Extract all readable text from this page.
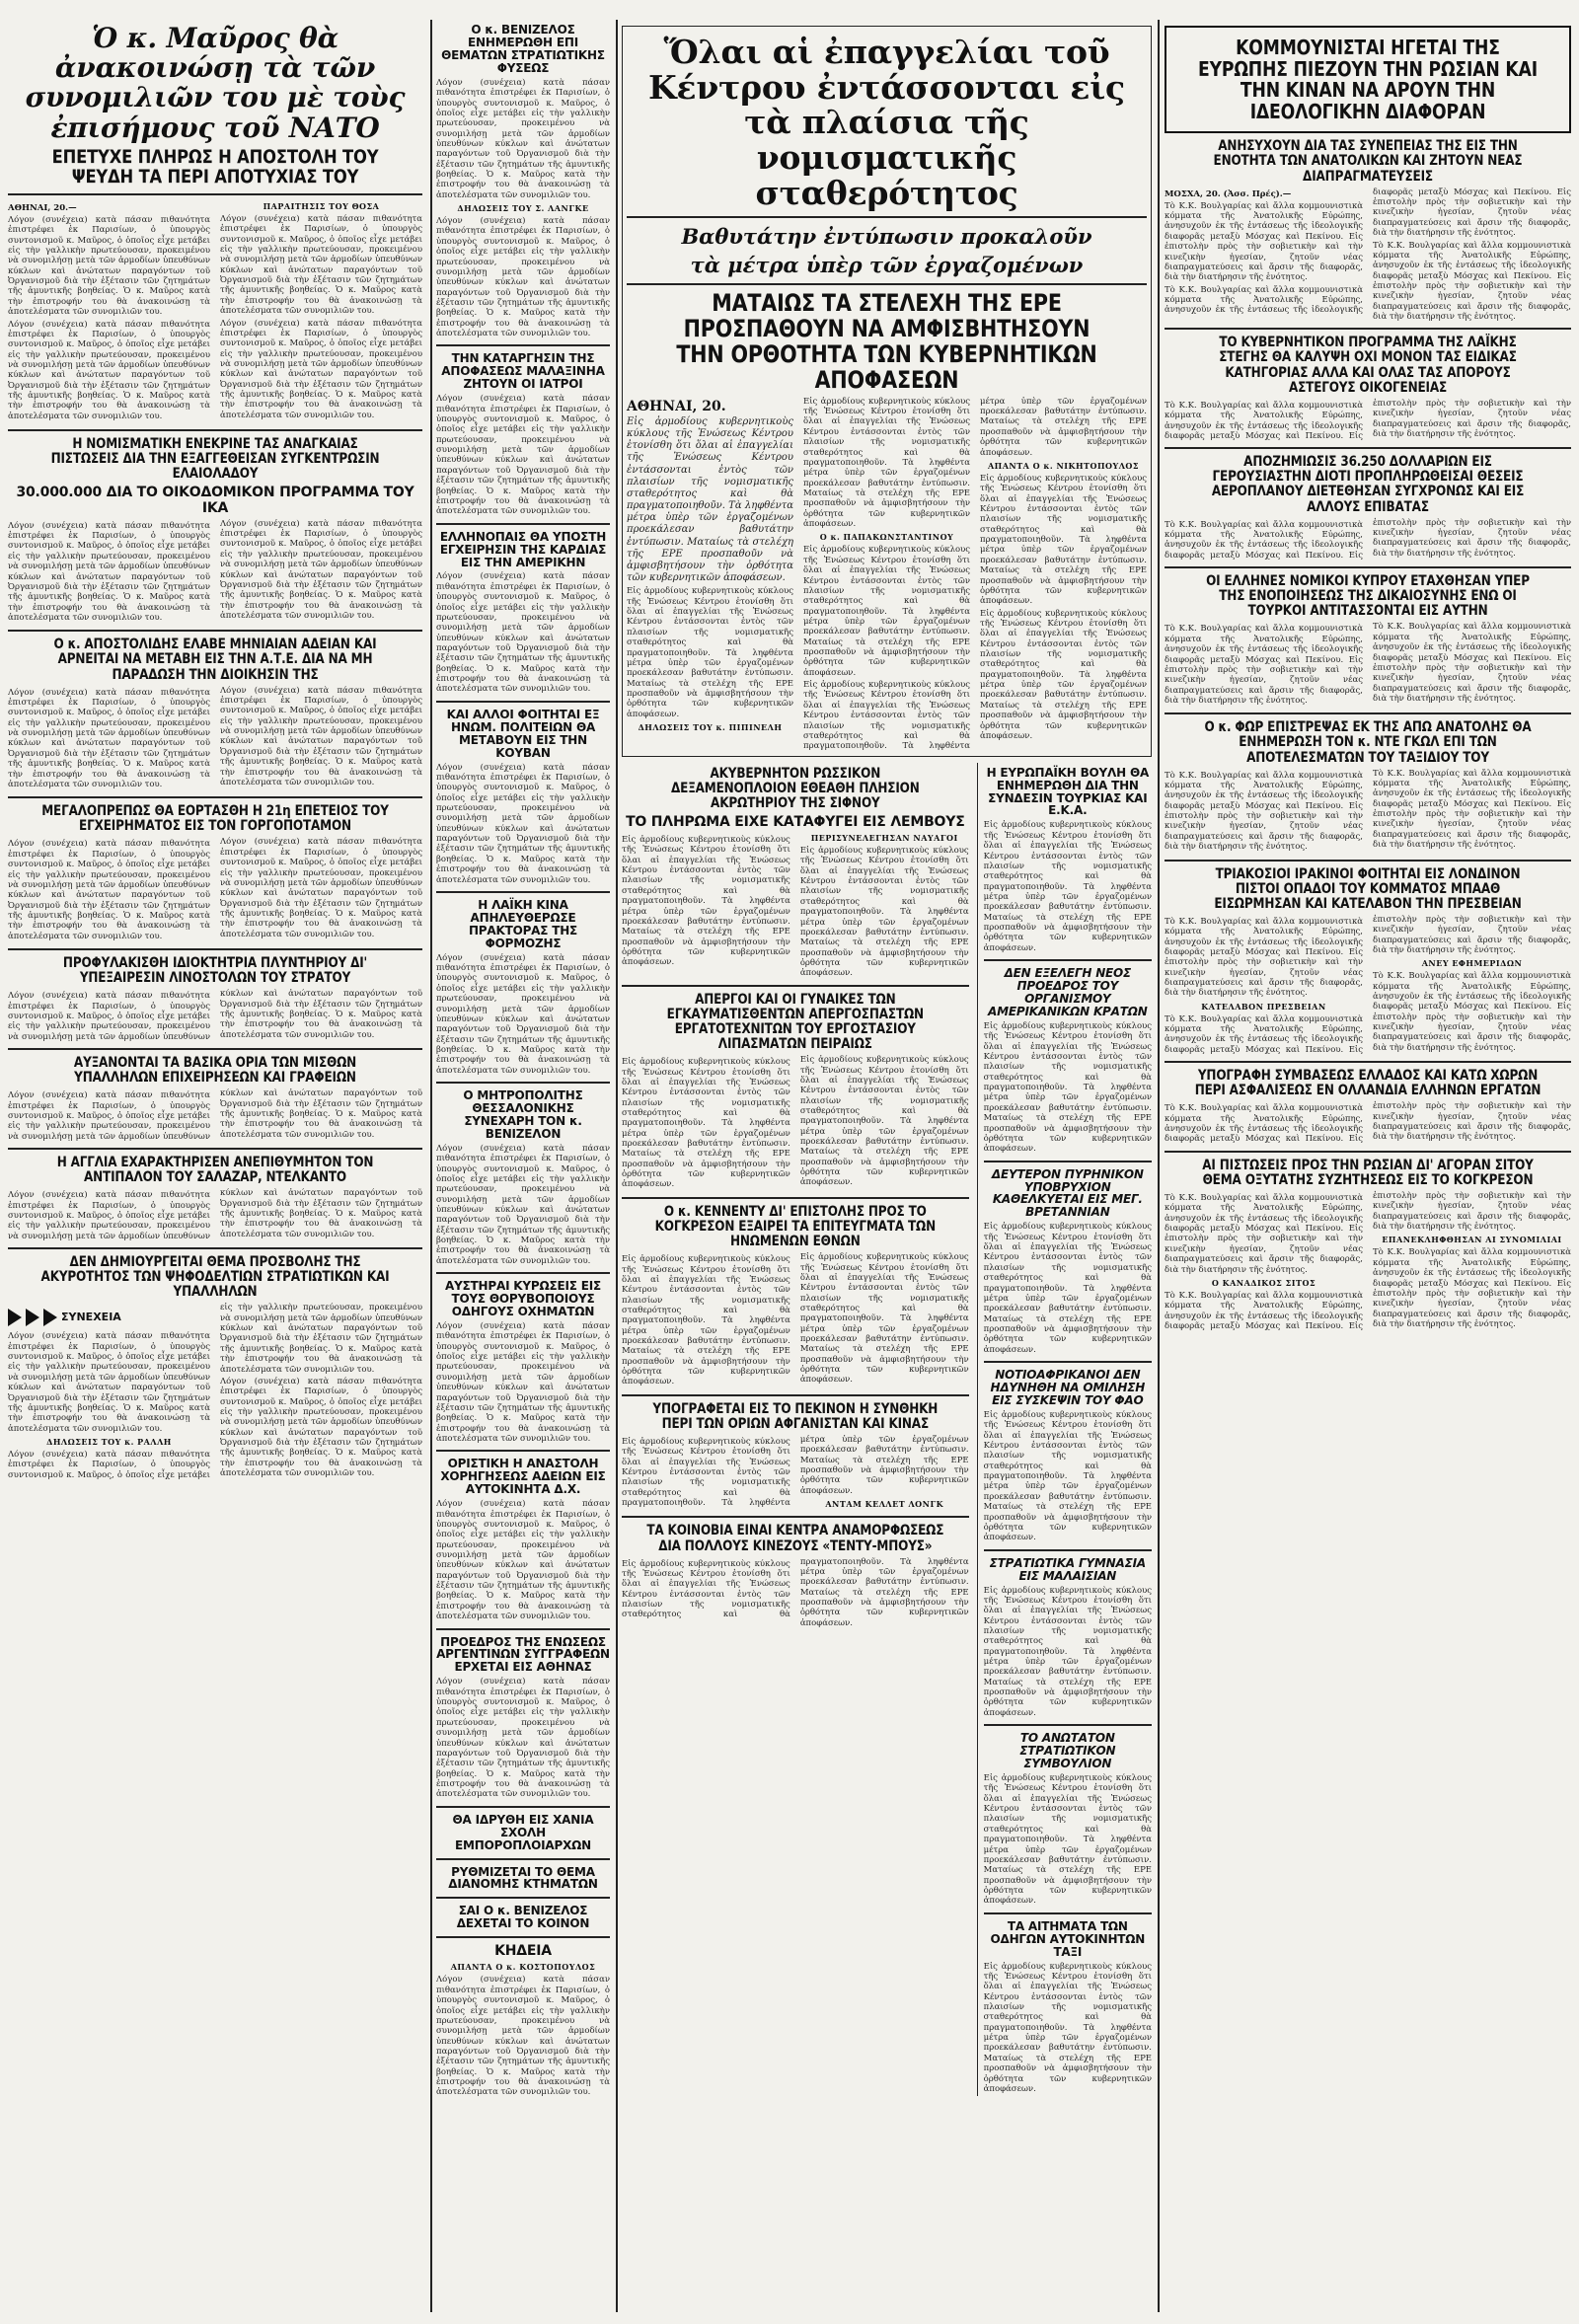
Ὁ κ. Μαῦρος θὰ ἀνακοινώσῃ τὰ τῶν συνομιλιῶν του μὲ τοὺς ἐπισήμους τοῦ ΝΑΤΟ
ΕΠΕΤΥΧΕ ΠΛΗΡΩΣ Η ΑΠΟΣΤΟΛΗ ΤΟΥ ΨΕΥΔΗ ΤΑ ΠΕΡΙ ΑΠΟΤΥΧΙΑΣ ΤΟΥ
ΑΘΗΝΑΙ, 20.—
Λόγον (συνέχεια) κατὰ πάσαν πιθανότητα ἐπιστρέφει ἐκ Παρισίων, ὁ ὑπουργὸς συντονισμοῦ κ. Μαῦρος, ὁ ὁποῖος εἶχε μετάβει εἰς τὴν γαλλικὴν πρωτεύουσαν, προκειμένου νὰ συνομιλήσῃ μετὰ τῶν ἁρμοδίων ὑπευθύνων κύκλων καὶ ἀνώτατων παραγόντων τοῦ Ὀργανισμοῦ διὰ τὴν ἐξέτασιν τῶν ζητημάτων τῆς ἀμυντικῆς βοηθείας. Ὁ κ. Μαῦρος κατὰ τὴν ἐπιστροφήν του θὰ ἀνακοινώσῃ τὰ ἀποτελέσματα τῶν συνομιλιῶν του.
Λόγον (συνέχεια) κατὰ πάσαν πιθανότητα ἐπιστρέφει ἐκ Παρισίων, ὁ ὑπουργὸς συντονισμοῦ κ. Μαῦρος, ὁ ὁποῖος εἶχε μετάβει εἰς τὴν γαλλικὴν πρωτεύουσαν, προκειμένου νὰ συνομιλήσῃ μετὰ τῶν ἁρμοδίων ὑπευθύνων κύκλων καὶ ἀνώτατων παραγόντων τοῦ Ὀργανισμοῦ διὰ τὴν ἐξέτασιν τῶν ζητημάτων τῆς ἀμυντικῆς βοηθείας. Ὁ κ. Μαῦρος κατὰ τὴν ἐπιστροφήν του θὰ ἀνακοινώσῃ τὰ ἀποτελέσματα τῶν συνομιλιῶν του.
ΠΑΡΑΙΤΗΣΙΣ ΤΟΥ ΘΟΣΑ
Λόγον (συνέχεια) κατὰ πάσαν πιθανότητα ἐπιστρέφει ἐκ Παρισίων, ὁ ὑπουργὸς συντονισμοῦ κ. Μαῦρος, ὁ ὁποῖος εἶχε μετάβει εἰς τὴν γαλλικὴν πρωτεύουσαν, προκειμένου νὰ συνομιλήσῃ μετὰ τῶν ἁρμοδίων ὑπευθύνων κύκλων καὶ ἀνώτατων παραγόντων τοῦ Ὀργανισμοῦ διὰ τὴν ἐξέτασιν τῶν ζητημάτων τῆς ἀμυντικῆς βοηθείας. Ὁ κ. Μαῦρος κατὰ τὴν ἐπιστροφήν του θὰ ἀνακοινώσῃ τὰ ἀποτελέσματα τῶν συνομιλιῶν του.
Λόγον (συνέχεια) κατὰ πάσαν πιθανότητα ἐπιστρέφει ἐκ Παρισίων, ὁ ὑπουργὸς συντονισμοῦ κ. Μαῦρος, ὁ ὁποῖος εἶχε μετάβει εἰς τὴν γαλλικὴν πρωτεύουσαν, προκειμένου νὰ συνομιλήσῃ μετὰ τῶν ἁρμοδίων ὑπευθύνων κύκλων καὶ ἀνώτατων παραγόντων τοῦ Ὀργανισμοῦ διὰ τὴν ἐξέτασιν τῶν ζητημάτων τῆς ἀμυντικῆς βοηθείας. Ὁ κ. Μαῦρος κατὰ τὴν ἐπιστροφήν του θὰ ἀνακοινώσῃ τὰ ἀποτελέσματα τῶν συνομιλιῶν του.
Η ΝΟΜΙΣΜΑΤΙΚΗ ΕΝΕΚΡΙΝΕ ΤΑΣ ΑΝΑΓΚΑΙΑΣ ΠΙΣΤΩΣΕΙΣ ΔΙΑ ΤΗΝ ΕΞΑΓΓΕΘΕΙΣΑΝ ΣΥΓΚΕΝΤΡΩΣΙΝ ΕΛΑΙΟΛΑΔΟΥ
30.000.000 ΔΙΑ ΤΟ ΟΙΚΟΔΟΜΙΚΟΝ ΠΡΟΓΡΑΜΜΑ ΤΟΥ ΙΚΑ
Λόγον (συνέχεια) κατὰ πάσαν πιθανότητα ἐπιστρέφει ἐκ Παρισίων, ὁ ὑπουργὸς συντονισμοῦ κ. Μαῦρος, ὁ ὁποῖος εἶχε μετάβει εἰς τὴν γαλλικὴν πρωτεύουσαν, προκειμένου νὰ συνομιλήσῃ μετὰ τῶν ἁρμοδίων ὑπευθύνων κύκλων καὶ ἀνώτατων παραγόντων τοῦ Ὀργανισμοῦ διὰ τὴν ἐξέτασιν τῶν ζητημάτων τῆς ἀμυντικῆς βοηθείας. Ὁ κ. Μαῦρος κατὰ τὴν ἐπιστροφήν του θὰ ἀνακοινώσῃ τὰ ἀποτελέσματα τῶν συνομιλιῶν του.
Λόγον (συνέχεια) κατὰ πάσαν πιθανότητα ἐπιστρέφει ἐκ Παρισίων, ὁ ὑπουργὸς συντονισμοῦ κ. Μαῦρος, ὁ ὁποῖος εἶχε μετάβει εἰς τὴν γαλλικὴν πρωτεύουσαν, προκειμένου νὰ συνομιλήσῃ μετὰ τῶν ἁρμοδίων ὑπευθύνων κύκλων καὶ ἀνώτατων παραγόντων τοῦ Ὀργανισμοῦ διὰ τὴν ἐξέτασιν τῶν ζητημάτων τῆς ἀμυντικῆς βοηθείας. Ὁ κ. Μαῦρος κατὰ τὴν ἐπιστροφήν του θὰ ἀνακοινώσῃ τὰ ἀποτελέσματα τῶν συνομιλιῶν του.
Ο κ. ΑΠΟΣΤΟΛΙΔΗΣ ΕΛΑΒΕ ΜΗΝΙΑΙΑΝ ΑΔΕΙΑΝ ΚΑΙ ΑΡΝΕΙΤΑΙ ΝΑ ΜΕΤΑΒΗ ΕΙΣ ΤΗΝ Α.Τ.Ε. ΔΙΑ ΝΑ ΜΗ ΠΑΡΑΔΩΣΗ ΤΗΝ ΔΙΟΙΚΗΣΙΝ ΤΗΣ
Λόγον (συνέχεια) κατὰ πάσαν πιθανότητα ἐπιστρέφει ἐκ Παρισίων, ὁ ὑπουργὸς συντονισμοῦ κ. Μαῦρος, ὁ ὁποῖος εἶχε μετάβει εἰς τὴν γαλλικὴν πρωτεύουσαν, προκειμένου νὰ συνομιλήσῃ μετὰ τῶν ἁρμοδίων ὑπευθύνων κύκλων καὶ ἀνώτατων παραγόντων τοῦ Ὀργανισμοῦ διὰ τὴν ἐξέτασιν τῶν ζητημάτων τῆς ἀμυντικῆς βοηθείας. Ὁ κ. Μαῦρος κατὰ τὴν ἐπιστροφήν του θὰ ἀνακοινώσῃ τὰ ἀποτελέσματα τῶν συνομιλιῶν του.
Λόγον (συνέχεια) κατὰ πάσαν πιθανότητα ἐπιστρέφει ἐκ Παρισίων, ὁ ὑπουργὸς συντονισμοῦ κ. Μαῦρος, ὁ ὁποῖος εἶχε μετάβει εἰς τὴν γαλλικὴν πρωτεύουσαν, προκειμένου νὰ συνομιλήσῃ μετὰ τῶν ἁρμοδίων ὑπευθύνων κύκλων καὶ ἀνώτατων παραγόντων τοῦ Ὀργανισμοῦ διὰ τὴν ἐξέτασιν τῶν ζητημάτων τῆς ἀμυντικῆς βοηθείας. Ὁ κ. Μαῦρος κατὰ τὴν ἐπιστροφήν του θὰ ἀνακοινώσῃ τὰ ἀποτελέσματα τῶν συνομιλιῶν του.
ΜΕΓΑΛΟΠΡΕΠΩΣ ΘΑ ΕΟΡΤΑΣΘΗ Η 21η ΕΠΕΤΕΙΟΣ ΤΟΥ ΕΓΧΕΙΡΗΜΑΤΟΣ ΕΙΣ ΤΟΝ ΓΟΡΓΟΠΟΤΑΜΟΝ
Λόγον (συνέχεια) κατὰ πάσαν πιθανότητα ἐπιστρέφει ἐκ Παρισίων, ὁ ὑπουργὸς συντονισμοῦ κ. Μαῦρος, ὁ ὁποῖος εἶχε μετάβει εἰς τὴν γαλλικὴν πρωτεύουσαν, προκειμένου νὰ συνομιλήσῃ μετὰ τῶν ἁρμοδίων ὑπευθύνων κύκλων καὶ ἀνώτατων παραγόντων τοῦ Ὀργανισμοῦ διὰ τὴν ἐξέτασιν τῶν ζητημάτων τῆς ἀμυντικῆς βοηθείας. Ὁ κ. Μαῦρος κατὰ τὴν ἐπιστροφήν του θὰ ἀνακοινώσῃ τὰ ἀποτελέσματα τῶν συνομιλιῶν του.
Λόγον (συνέχεια) κατὰ πάσαν πιθανότητα ἐπιστρέφει ἐκ Παρισίων, ὁ ὑπουργὸς συντονισμοῦ κ. Μαῦρος, ὁ ὁποῖος εἶχε μετάβει εἰς τὴν γαλλικὴν πρωτεύουσαν, προκειμένου νὰ συνομιλήσῃ μετὰ τῶν ἁρμοδίων ὑπευθύνων κύκλων καὶ ἀνώτατων παραγόντων τοῦ Ὀργανισμοῦ διὰ τὴν ἐξέτασιν τῶν ζητημάτων τῆς ἀμυντικῆς βοηθείας. Ὁ κ. Μαῦρος κατὰ τὴν ἐπιστροφήν του θὰ ἀνακοινώσῃ τὰ ἀποτελέσματα τῶν συνομιλιῶν του.
ΠΡΟΦΥΛΑΚΙΣΘΗ ΙΔΙΟΚΤΗΤΡΙΑ ΠΛΥΝΤΗΡΙΟΥ ΔΙ' ΥΠΕΞΑΙΡΕΣΙΝ ΛΙΝΟΣΤΟΛΩΝ ΤΟΥ ΣΤΡΑΤΟΥ
Λόγον (συνέχεια) κατὰ πάσαν πιθανότητα ἐπιστρέφει ἐκ Παρισίων, ὁ ὑπουργὸς συντονισμοῦ κ. Μαῦρος, ὁ ὁποῖος εἶχε μετάβει εἰς τὴν γαλλικὴν πρωτεύουσαν, προκειμένου νὰ συνομιλήσῃ μετὰ τῶν ἁρμοδίων ὑπευθύνων κύκλων καὶ ἀνώτατων παραγόντων τοῦ Ὀργανισμοῦ διὰ τὴν ἐξέτασιν τῶν ζητημάτων τῆς ἀμυντικῆς βοηθείας. Ὁ κ. Μαῦρος κατὰ τὴν ἐπιστροφήν του θὰ ἀνακοινώσῃ τὰ ἀποτελέσματα τῶν συνομιλιῶν του.
ΑΥΞΑΝΟΝΤΑΙ ΤΑ ΒΑΣΙΚΑ ΟΡΙΑ ΤΩΝ ΜΙΣΘΩΝ ΥΠΑΛΛΗΛΩΝ ΕΠΙΧΕΙΡΗΣΕΩΝ ΚΑΙ ΓΡΑΦΕΙΩΝ
Λόγον (συνέχεια) κατὰ πάσαν πιθανότητα ἐπιστρέφει ἐκ Παρισίων, ὁ ὑπουργὸς συντονισμοῦ κ. Μαῦρος, ὁ ὁποῖος εἶχε μετάβει εἰς τὴν γαλλικὴν πρωτεύουσαν, προκειμένου νὰ συνομιλήσῃ μετὰ τῶν ἁρμοδίων ὑπευθύνων κύκλων καὶ ἀνώτατων παραγόντων τοῦ Ὀργανισμοῦ διὰ τὴν ἐξέτασιν τῶν ζητημάτων τῆς ἀμυντικῆς βοηθείας. Ὁ κ. Μαῦρος κατὰ τὴν ἐπιστροφήν του θὰ ἀνακοινώσῃ τὰ ἀποτελέσματα τῶν συνομιλιῶν του.
Η ΑΓΓΛΙΑ ΕΧΑΡΑΚΤΗΡΙΣΕΝ ΑΝΕΠΙΘΥΜΗΤΟΝ ΤΟΝ ΑΝΤΙΠΑΛΟΝ ΤΟΥ ΣΑΛΑΖΑΡ, ΝΤΕΛΚΑΝΤΟ
Λόγον (συνέχεια) κατὰ πάσαν πιθανότητα ἐπιστρέφει ἐκ Παρισίων, ὁ ὑπουργὸς συντονισμοῦ κ. Μαῦρος, ὁ ὁποῖος εἶχε μετάβει εἰς τὴν γαλλικὴν πρωτεύουσαν, προκειμένου νὰ συνομιλήσῃ μετὰ τῶν ἁρμοδίων ὑπευθύνων κύκλων καὶ ἀνώτατων παραγόντων τοῦ Ὀργανισμοῦ διὰ τὴν ἐξέτασιν τῶν ζητημάτων τῆς ἀμυντικῆς βοηθείας. Ὁ κ. Μαῦρος κατὰ τὴν ἐπιστροφήν του θὰ ἀνακοινώσῃ τὰ ἀποτελέσματα τῶν συνομιλιῶν του.
ΔΕΝ ΔΗΜΙΟΥΡΓΕΙΤΑΙ ΘΕΜΑ ΠΡΟΣΒΟΛΗΣ ΤΗΣ ΑΚΥΡΟΤΗΤΟΣ ΤΩΝ ΨΗΦΟΔΕΛΤΙΩΝ ΣΤΡΑΤΙΩΤΙΚΩΝ ΚΑΙ ΥΠΑΛΛΗΛΩΝ
ΣΥΝΕΧΕΙΑ
Λόγον (συνέχεια) κατὰ πάσαν πιθανότητα ἐπιστρέφει ἐκ Παρισίων, ὁ ὑπουργὸς συντονισμοῦ κ. Μαῦρος, ὁ ὁποῖος εἶχε μετάβει εἰς τὴν γαλλικὴν πρωτεύουσαν, προκειμένου νὰ συνομιλήσῃ μετὰ τῶν ἁρμοδίων ὑπευθύνων κύκλων καὶ ἀνώτατων παραγόντων τοῦ Ὀργανισμοῦ διὰ τὴν ἐξέτασιν τῶν ζητημάτων τῆς ἀμυντικῆς βοηθείας. Ὁ κ. Μαῦρος κατὰ τὴν ἐπιστροφήν του θὰ ἀνακοινώσῃ τὰ ἀποτελέσματα τῶν συνομιλιῶν του.
ΔΗΛΩΣΕΙΣ ΤΟΥ κ. ΡΑΛΛΗ
Λόγον (συνέχεια) κατὰ πάσαν πιθανότητα ἐπιστρέφει ἐκ Παρισίων, ὁ ὑπουργὸς συντονισμοῦ κ. Μαῦρος, ὁ ὁποῖος εἶχε μετάβει εἰς τὴν γαλλικὴν πρωτεύουσαν, προκειμένου νὰ συνομιλήσῃ μετὰ τῶν ἁρμοδίων ὑπευθύνων κύκλων καὶ ἀνώτατων παραγόντων τοῦ Ὀργανισμοῦ διὰ τὴν ἐξέτασιν τῶν ζητημάτων τῆς ἀμυντικῆς βοηθείας. Ὁ κ. Μαῦρος κατὰ τὴν ἐπιστροφήν του θὰ ἀνακοινώσῃ τὰ ἀποτελέσματα τῶν συνομιλιῶν του.
Λόγον (συνέχεια) κατὰ πάσαν πιθανότητα ἐπιστρέφει ἐκ Παρισίων, ὁ ὑπουργὸς συντονισμοῦ κ. Μαῦρος, ὁ ὁποῖος εἶχε μετάβει εἰς τὴν γαλλικὴν πρωτεύουσαν, προκειμένου νὰ συνομιλήσῃ μετὰ τῶν ἁρμοδίων ὑπευθύνων κύκλων καὶ ἀνώτατων παραγόντων τοῦ Ὀργανισμοῦ διὰ τὴν ἐξέτασιν τῶν ζητημάτων τῆς ἀμυντικῆς βοηθείας. Ὁ κ. Μαῦρος κατὰ τὴν ἐπιστροφήν του θὰ ἀνακοινώσῃ τὰ ἀποτελέσματα τῶν συνομιλιῶν του.
Ο κ. ΒΕΝΙΖΕΛΟΣ ΕΝΗΜΕΡΩΘΗ ΕΠΙ ΘΕΜΑΤΩΝ ΣΤΡΑΤΙΩΤΙΚΗΣ ΦΥΣΕΩΣ
Λόγον (συνέχεια) κατὰ πάσαν πιθανότητα ἐπιστρέφει ἐκ Παρισίων, ὁ ὑπουργὸς συντονισμοῦ κ. Μαῦρος, ὁ ὁποῖος εἶχε μετάβει εἰς τὴν γαλλικὴν πρωτεύουσαν, προκειμένου νὰ συνομιλήσῃ μετὰ τῶν ἁρμοδίων ὑπευθύνων κύκλων καὶ ἀνώτατων παραγόντων τοῦ Ὀργανισμοῦ διὰ τὴν ἐξέτασιν τῶν ζητημάτων τῆς ἀμυντικῆς βοηθείας. Ὁ κ. Μαῦρος κατὰ τὴν ἐπιστροφήν του θὰ ἀνακοινώσῃ τὰ ἀποτελέσματα τῶν συνομιλιῶν του.
ΔΗΛΩΣΕΙΣ ΤΟΥ Σ. ΛΑΝΓΚΕ
Λόγον (συνέχεια) κατὰ πάσαν πιθανότητα ἐπιστρέφει ἐκ Παρισίων, ὁ ὑπουργὸς συντονισμοῦ κ. Μαῦρος, ὁ ὁποῖος εἶχε μετάβει εἰς τὴν γαλλικὴν πρωτεύουσαν, προκειμένου νὰ συνομιλήσῃ μετὰ τῶν ἁρμοδίων ὑπευθύνων κύκλων καὶ ἀνώτατων παραγόντων τοῦ Ὀργανισμοῦ διὰ τὴν ἐξέτασιν τῶν ζητημάτων τῆς ἀμυντικῆς βοηθείας. Ὁ κ. Μαῦρος κατὰ τὴν ἐπιστροφήν του θὰ ἀνακοινώσῃ τὰ ἀποτελέσματα τῶν συνομιλιῶν του.
ΤΗΝ ΚΑΤΑΡΓΗΣΙΝ ΤΗΣ ΑΠΟΦΑΣΕΩΣ ΜΑΛΑΞΙΝΗΑ ΖΗΤΟΥΝ ΟΙ ΙΑΤΡΟΙ
Λόγον (συνέχεια) κατὰ πάσαν πιθανότητα ἐπιστρέφει ἐκ Παρισίων, ὁ ὑπουργὸς συντονισμοῦ κ. Μαῦρος, ὁ ὁποῖος εἶχε μετάβει εἰς τὴν γαλλικὴν πρωτεύουσαν, προκειμένου νὰ συνομιλήσῃ μετὰ τῶν ἁρμοδίων ὑπευθύνων κύκλων καὶ ἀνώτατων παραγόντων τοῦ Ὀργανισμοῦ διὰ τὴν ἐξέτασιν τῶν ζητημάτων τῆς ἀμυντικῆς βοηθείας. Ὁ κ. Μαῦρος κατὰ τὴν ἐπιστροφήν του θὰ ἀνακοινώσῃ τὰ ἀποτελέσματα τῶν συνομιλιῶν του.
ΕΛΛΗΝΟΠΑΙΣ ΘΑ ΥΠΟΣΤΗ ΕΓΧΕΙΡΗΣΙΝ ΤΗΣ ΚΑΡΔΙΑΣ ΕΙΣ ΤΗΝ ΑΜΕΡΙΚΗΝ
Λόγον (συνέχεια) κατὰ πάσαν πιθανότητα ἐπιστρέφει ἐκ Παρισίων, ὁ ὑπουργὸς συντονισμοῦ κ. Μαῦρος, ὁ ὁποῖος εἶχε μετάβει εἰς τὴν γαλλικὴν πρωτεύουσαν, προκειμένου νὰ συνομιλήσῃ μετὰ τῶν ἁρμοδίων ὑπευθύνων κύκλων καὶ ἀνώτατων παραγόντων τοῦ Ὀργανισμοῦ διὰ τὴν ἐξέτασιν τῶν ζητημάτων τῆς ἀμυντικῆς βοηθείας. Ὁ κ. Μαῦρος κατὰ τὴν ἐπιστροφήν του θὰ ἀνακοινώσῃ τὰ ἀποτελέσματα τῶν συνομιλιῶν του.
ΚΑΙ ΑΛΛΟΙ ΦΟΙΤΗΤΑΙ ΕΞ ΗΝΩΜ. ΠΟΛΙΤΕΙΩΝ ΘΑ ΜΕΤΑΒΟΥΝ ΕΙΣ ΤΗΝ ΚΟΥΒΑΝ
Λόγον (συνέχεια) κατὰ πάσαν πιθανότητα ἐπιστρέφει ἐκ Παρισίων, ὁ ὑπουργὸς συντονισμοῦ κ. Μαῦρος, ὁ ὁποῖος εἶχε μετάβει εἰς τὴν γαλλικὴν πρωτεύουσαν, προκειμένου νὰ συνομιλήσῃ μετὰ τῶν ἁρμοδίων ὑπευθύνων κύκλων καὶ ἀνώτατων παραγόντων τοῦ Ὀργανισμοῦ διὰ τὴν ἐξέτασιν τῶν ζητημάτων τῆς ἀμυντικῆς βοηθείας. Ὁ κ. Μαῦρος κατὰ τὴν ἐπιστροφήν του θὰ ἀνακοινώσῃ τὰ ἀποτελέσματα τῶν συνομιλιῶν του.
Η ΛΑΪΚΗ ΚΙΝΑ ΑΠΗΛΕΥΘΕΡΩΣΕ ΠΡΑΚΤΟΡΑΣ ΤΗΣ ΦΟΡΜΟΖΗΣ
Λόγον (συνέχεια) κατὰ πάσαν πιθανότητα ἐπιστρέφει ἐκ Παρισίων, ὁ ὑπουργὸς συντονισμοῦ κ. Μαῦρος, ὁ ὁποῖος εἶχε μετάβει εἰς τὴν γαλλικὴν πρωτεύουσαν, προκειμένου νὰ συνομιλήσῃ μετὰ τῶν ἁρμοδίων ὑπευθύνων κύκλων καὶ ἀνώτατων παραγόντων τοῦ Ὀργανισμοῦ διὰ τὴν ἐξέτασιν τῶν ζητημάτων τῆς ἀμυντικῆς βοηθείας. Ὁ κ. Μαῦρος κατὰ τὴν ἐπιστροφήν του θὰ ἀνακοινώσῃ τὰ ἀποτελέσματα τῶν συνομιλιῶν του.
Ο ΜΗΤΡΟΠΟΛΙΤΗΣ ΘΕΣΣΑΛΟΝΙΚΗΣ ΣΥΝΕΧΑΡΗ ΤΟΝ κ. ΒΕΝΙΖΕΛΟΝ
Λόγον (συνέχεια) κατὰ πάσαν πιθανότητα ἐπιστρέφει ἐκ Παρισίων, ὁ ὑπουργὸς συντονισμοῦ κ. Μαῦρος, ὁ ὁποῖος εἶχε μετάβει εἰς τὴν γαλλικὴν πρωτεύουσαν, προκειμένου νὰ συνομιλήσῃ μετὰ τῶν ἁρμοδίων ὑπευθύνων κύκλων καὶ ἀνώτατων παραγόντων τοῦ Ὀργανισμοῦ διὰ τὴν ἐξέτασιν τῶν ζητημάτων τῆς ἀμυντικῆς βοηθείας. Ὁ κ. Μαῦρος κατὰ τὴν ἐπιστροφήν του θὰ ἀνακοινώσῃ τὰ ἀποτελέσματα τῶν συνομιλιῶν του.
ΑΥΣΤΗΡΑΙ ΚΥΡΩΣΕΙΣ ΕΙΣ ΤΟΥΣ ΘΟΡΥΒΟΠΟΙΟΥΣ ΟΔΗΓΟΥΣ ΟΧΗΜΑΤΩΝ
Λόγον (συνέχεια) κατὰ πάσαν πιθανότητα ἐπιστρέφει ἐκ Παρισίων, ὁ ὑπουργὸς συντονισμοῦ κ. Μαῦρος, ὁ ὁποῖος εἶχε μετάβει εἰς τὴν γαλλικὴν πρωτεύουσαν, προκειμένου νὰ συνομιλήσῃ μετὰ τῶν ἁρμοδίων ὑπευθύνων κύκλων καὶ ἀνώτατων παραγόντων τοῦ Ὀργανισμοῦ διὰ τὴν ἐξέτασιν τῶν ζητημάτων τῆς ἀμυντικῆς βοηθείας. Ὁ κ. Μαῦρος κατὰ τὴν ἐπιστροφήν του θὰ ἀνακοινώσῃ τὰ ἀποτελέσματα τῶν συνομιλιῶν του.
ΟΡΙΣΤΙΚΗ Η ΑΝΑΣΤΟΛΗ ΧΟΡΗΓΗΣΕΩΣ ΑΔΕΙΩΝ ΕΙΣ ΑΥΤΟΚΙΝΗΤΑ Δ.Χ.
Λόγον (συνέχεια) κατὰ πάσαν πιθανότητα ἐπιστρέφει ἐκ Παρισίων, ὁ ὑπουργὸς συντονισμοῦ κ. Μαῦρος, ὁ ὁποῖος εἶχε μετάβει εἰς τὴν γαλλικὴν πρωτεύουσαν, προκειμένου νὰ συνομιλήσῃ μετὰ τῶν ἁρμοδίων ὑπευθύνων κύκλων καὶ ἀνώτατων παραγόντων τοῦ Ὀργανισμοῦ διὰ τὴν ἐξέτασιν τῶν ζητημάτων τῆς ἀμυντικῆς βοηθείας. Ὁ κ. Μαῦρος κατὰ τὴν ἐπιστροφήν του θὰ ἀνακοινώσῃ τὰ ἀποτελέσματα τῶν συνομιλιῶν του.
ΠΡΟΕΔΡΟΣ ΤΗΣ ΕΝΩΣΕΩΣ ΑΡΓΕΝΤΙΝΩΝ ΣΥΓΓΡΑΦΕΩΝ ΕΡΧΕΤΑΙ ΕΙΣ ΑΘΗΝΑΣ
Λόγον (συνέχεια) κατὰ πάσαν πιθανότητα ἐπιστρέφει ἐκ Παρισίων, ὁ ὑπουργὸς συντονισμοῦ κ. Μαῦρος, ὁ ὁποῖος εἶχε μετάβει εἰς τὴν γαλλικὴν πρωτεύουσαν, προκειμένου νὰ συνομιλήσῃ μετὰ τῶν ἁρμοδίων ὑπευθύνων κύκλων καὶ ἀνώτατων παραγόντων τοῦ Ὀργανισμοῦ διὰ τὴν ἐξέτασιν τῶν ζητημάτων τῆς ἀμυντικῆς βοηθείας. Ὁ κ. Μαῦρος κατὰ τὴν ἐπιστροφήν του θὰ ἀνακοινώσῃ τὰ ἀποτελέσματα τῶν συνομιλιῶν του.
ΘΑ ΙΔΡΥΘΗ ΕΙΣ ΧΑΝΙΑ ΣΧΟΛΗ ΕΜΠΟΡΟΠΛΟΙΑΡΧΩΝ
ΡΥΘΜΙΖΕΤΑΙ ΤΟ ΘΕΜΑ ΔΙΑΝΟΜΗΣ ΚΤΗΜΑΤΩΝ
ΣΑΙ Ο κ. ΒΕΝΙΖΕΛΟΣ ΔΕΧΕΤΑΙ ΤΟ ΚΟΙΝΟΝ
ΚΗΔΕΙΑ
ΑΠΑΝΤΑ Ο κ. ΚΟΣΤΟΠΟΥΛΟΣ
Λόγον (συνέχεια) κατὰ πάσαν πιθανότητα ἐπιστρέφει ἐκ Παρισίων, ὁ ὑπουργὸς συντονισμοῦ κ. Μαῦρος, ὁ ὁποῖος εἶχε μετάβει εἰς τὴν γαλλικὴν πρωτεύουσαν, προκειμένου νὰ συνομιλήσῃ μετὰ τῶν ἁρμοδίων ὑπευθύνων κύκλων καὶ ἀνώτατων παραγόντων τοῦ Ὀργανισμοῦ διὰ τὴν ἐξέτασιν τῶν ζητημάτων τῆς ἀμυντικῆς βοηθείας. Ὁ κ. Μαῦρος κατὰ τὴν ἐπιστροφήν του θὰ ἀνακοινώσῃ τὰ ἀποτελέσματα τῶν συνομιλιῶν του.
Ὅλαι αἱ ἐπαγγελίαι τοῦ Κέντρου ἐντάσσονται εἰς τὰ πλαίσια τῆς νομισματικῆς σταθερότητος
Βαθυτάτην ἐντύπωσιν προκαλοῦν
τὰ μέτρα ὑπὲρ τῶν ἐργαζομένων
ΜΑΤΑΙΩΣ ΤΑ ΣΤΕΛΕΧΗ ΤΗΣ ΕΡΕ ΠΡΟΣΠΑΘΟΥΝ ΝΑ ΑΜΦΙΣΒΗΤΗΣΟΥΝ ΤΗΝ ΟΡΘΟΤΗΤΑ ΤΩΝ ΚΥΒΕΡΝΗΤΙΚΩΝ ΑΠΟΦΑΣΕΩΝ
ΑΘΗΝΑΙ, 20.
Εἰς ἁρμοδίους κυβερνητικοὺς κύκλους τῆς Ἑνώσεως Κέντρου ἐτονίσθη ὅτι ὅλαι αἱ ἐπαγγελίαι τῆς Ἑνώσεως Κέντρου ἐντάσσονται ἐντὸς τῶν πλαισίων τῆς νομισματικῆς σταθερότητος καὶ θὰ πραγματοποιηθοῦν. Τὰ ληφθέντα μέτρα ὑπὲρ τῶν ἐργαζομένων προεκάλεσαν βαθυτάτην ἐντύπωσιν. Ματαίως τὰ στελέχη τῆς ΕΡΕ προσπαθοῦν νὰ ἀμφισβητήσουν τὴν ὀρθότητα τῶν κυβερνητικῶν ἀποφάσεων.
Εἰς ἁρμοδίους κυβερνητικοὺς κύκλους τῆς Ἑνώσεως Κέντρου ἐτονίσθη ὅτι ὅλαι αἱ ἐπαγγελίαι τῆς Ἑνώσεως Κέντρου ἐντάσσονται ἐντὸς τῶν πλαισίων τῆς νομισματικῆς σταθερότητος καὶ θὰ πραγματοποιηθοῦν. Τὰ ληφθέντα μέτρα ὑπὲρ τῶν ἐργαζομένων προεκάλεσαν βαθυτάτην ἐντύπωσιν. Ματαίως τὰ στελέχη τῆς ΕΡΕ προσπαθοῦν νὰ ἀμφισβητήσουν τὴν ὀρθότητα τῶν κυβερνητικῶν ἀποφάσεων.
ΔΗΛΩΣΕΙΣ ΤΟΥ κ. ΠΙΠΙΝΕΛΗ
Εἰς ἁρμοδίους κυβερνητικοὺς κύκλους τῆς Ἑνώσεως Κέντρου ἐτονίσθη ὅτι ὅλαι αἱ ἐπαγγελίαι τῆς Ἑνώσεως Κέντρου ἐντάσσονται ἐντὸς τῶν πλαισίων τῆς νομισματικῆς σταθερότητος καὶ θὰ πραγματοποιηθοῦν. Τὰ ληφθέντα μέτρα ὑπὲρ τῶν ἐργαζομένων προεκάλεσαν βαθυτάτην ἐντύπωσιν. Ματαίως τὰ στελέχη τῆς ΕΡΕ προσπαθοῦν νὰ ἀμφισβητήσουν τὴν ὀρθότητα τῶν κυβερνητικῶν ἀποφάσεων.
Ο κ. ΠΑΠΑΚΩΝΣΤΑΝΤΙΝΟΥ
Εἰς ἁρμοδίους κυβερνητικοὺς κύκλους τῆς Ἑνώσεως Κέντρου ἐτονίσθη ὅτι ὅλαι αἱ ἐπαγγελίαι τῆς Ἑνώσεως Κέντρου ἐντάσσονται ἐντὸς τῶν πλαισίων τῆς νομισματικῆς σταθερότητος καὶ θὰ πραγματοποιηθοῦν. Τὰ ληφθέντα μέτρα ὑπὲρ τῶν ἐργαζομένων προεκάλεσαν βαθυτάτην ἐντύπωσιν. Ματαίως τὰ στελέχη τῆς ΕΡΕ προσπαθοῦν νὰ ἀμφισβητήσουν τὴν ὀρθότητα τῶν κυβερνητικῶν ἀποφάσεων.
Εἰς ἁρμοδίους κυβερνητικοὺς κύκλους τῆς Ἑνώσεως Κέντρου ἐτονίσθη ὅτι ὅλαι αἱ ἐπαγγελίαι τῆς Ἑνώσεως Κέντρου ἐντάσσονται ἐντὸς τῶν πλαισίων τῆς νομισματικῆς σταθερότητος καὶ θὰ πραγματοποιηθοῦν. Τὰ ληφθέντα μέτρα ὑπὲρ τῶν ἐργαζομένων προεκάλεσαν βαθυτάτην ἐντύπωσιν. Ματαίως τὰ στελέχη τῆς ΕΡΕ προσπαθοῦν νὰ ἀμφισβητήσουν τὴν ὀρθότητα τῶν κυβερνητικῶν ἀποφάσεων.
ΑΠΑΝΤΑ Ο κ. ΝΙΚΗΤΟΠΟΥΛΟΣ
Εἰς ἁρμοδίους κυβερνητικοὺς κύκλους τῆς Ἑνώσεως Κέντρου ἐτονίσθη ὅτι ὅλαι αἱ ἐπαγγελίαι τῆς Ἑνώσεως Κέντρου ἐντάσσονται ἐντὸς τῶν πλαισίων τῆς νομισματικῆς σταθερότητος καὶ θὰ πραγματοποιηθοῦν. Τὰ ληφθέντα μέτρα ὑπὲρ τῶν ἐργαζομένων προεκάλεσαν βαθυτάτην ἐντύπωσιν. Ματαίως τὰ στελέχη τῆς ΕΡΕ προσπαθοῦν νὰ ἀμφισβητήσουν τὴν ὀρθότητα τῶν κυβερνητικῶν ἀποφάσεων.
Εἰς ἁρμοδίους κυβερνητικοὺς κύκλους τῆς Ἑνώσεως Κέντρου ἐτονίσθη ὅτι ὅλαι αἱ ἐπαγγελίαι τῆς Ἑνώσεως Κέντρου ἐντάσσονται ἐντὸς τῶν πλαισίων τῆς νομισματικῆς σταθερότητος καὶ θὰ πραγματοποιηθοῦν. Τὰ ληφθέντα μέτρα ὑπὲρ τῶν ἐργαζομένων προεκάλεσαν βαθυτάτην ἐντύπωσιν. Ματαίως τὰ στελέχη τῆς ΕΡΕ προσπαθοῦν νὰ ἀμφισβητήσουν τὴν ὀρθότητα τῶν κυβερνητικῶν ἀποφάσεων.
ΑΚΥΒΕΡΝΗΤΟΝ ΡΩΣΣΙΚΟΝ ΔΕΞΑΜΕΝΟΠΛΟΙΟΝ ΕΘΕΑΘΗ ΠΛΗΣΙΟΝ ΑΚΡΩΤΗΡΙΟΥ ΤΗΣ ΣΙΦΝΟΥ
ΤΟ ΠΛΗΡΩΜΑ ΕΙΧΕ ΚΑΤΑΦΥΓΕΙ ΕΙΣ ΛΕΜΒΟΥΣ
Εἰς ἁρμοδίους κυβερνητικοὺς κύκλους τῆς Ἑνώσεως Κέντρου ἐτονίσθη ὅτι ὅλαι αἱ ἐπαγγελίαι τῆς Ἑνώσεως Κέντρου ἐντάσσονται ἐντὸς τῶν πλαισίων τῆς νομισματικῆς σταθερότητος καὶ θὰ πραγματοποιηθοῦν. Τὰ ληφθέντα μέτρα ὑπὲρ τῶν ἐργαζομένων προεκάλεσαν βαθυτάτην ἐντύπωσιν. Ματαίως τὰ στελέχη τῆς ΕΡΕ προσπαθοῦν νὰ ἀμφισβητήσουν τὴν ὀρθότητα τῶν κυβερνητικῶν ἀποφάσεων.
ΠΕΡΙΣΥΝΕΛΕΓΗΣΑΝ ΝΑΥΑΓΟΙ
Εἰς ἁρμοδίους κυβερνητικοὺς κύκλους τῆς Ἑνώσεως Κέντρου ἐτονίσθη ὅτι ὅλαι αἱ ἐπαγγελίαι τῆς Ἑνώσεως Κέντρου ἐντάσσονται ἐντὸς τῶν πλαισίων τῆς νομισματικῆς σταθερότητος καὶ θὰ πραγματοποιηθοῦν. Τὰ ληφθέντα μέτρα ὑπὲρ τῶν ἐργαζομένων προεκάλεσαν βαθυτάτην ἐντύπωσιν. Ματαίως τὰ στελέχη τῆς ΕΡΕ προσπαθοῦν νὰ ἀμφισβητήσουν τὴν ὀρθότητα τῶν κυβερνητικῶν ἀποφάσεων.
ΑΠΕΡΓΟΙ ΚΑΙ ΟΙ ΓΥΝΑΙΚΕΣ ΤΩΝ ΕΓΚΑΥΜΑΤΙΣΘΕΝΤΩΝ ΑΠΕΡΓΟΣΠΑΣΤΩΝ ΕΡΓΑΤΟΤΕΧΝΙΤΩΝ ΤΟΥ ΕΡΓΟΣΤΑΣΙΟΥ ΛΙΠΑΣΜΑΤΩΝ ΠΕΙΡΑΙΩΣ
Εἰς ἁρμοδίους κυβερνητικοὺς κύκλους τῆς Ἑνώσεως Κέντρου ἐτονίσθη ὅτι ὅλαι αἱ ἐπαγγελίαι τῆς Ἑνώσεως Κέντρου ἐντάσσονται ἐντὸς τῶν πλαισίων τῆς νομισματικῆς σταθερότητος καὶ θὰ πραγματοποιηθοῦν. Τὰ ληφθέντα μέτρα ὑπὲρ τῶν ἐργαζομένων προεκάλεσαν βαθυτάτην ἐντύπωσιν. Ματαίως τὰ στελέχη τῆς ΕΡΕ προσπαθοῦν νὰ ἀμφισβητήσουν τὴν ὀρθότητα τῶν κυβερνητικῶν ἀποφάσεων.
Εἰς ἁρμοδίους κυβερνητικοὺς κύκλους τῆς Ἑνώσεως Κέντρου ἐτονίσθη ὅτι ὅλαι αἱ ἐπαγγελίαι τῆς Ἑνώσεως Κέντρου ἐντάσσονται ἐντὸς τῶν πλαισίων τῆς νομισματικῆς σταθερότητος καὶ θὰ πραγματοποιηθοῦν. Τὰ ληφθέντα μέτρα ὑπὲρ τῶν ἐργαζομένων προεκάλεσαν βαθυτάτην ἐντύπωσιν. Ματαίως τὰ στελέχη τῆς ΕΡΕ προσπαθοῦν νὰ ἀμφισβητήσουν τὴν ὀρθότητα τῶν κυβερνητικῶν ἀποφάσεων.
Ο κ. ΚΕΝΝΕΝΤΥ ΔΙ' ΕΠΙΣΤΟΛΗΣ ΠΡΟΣ ΤΟ ΚΟΓΚΡΕΣΟΝ ΕΞΑΙΡΕΙ ΤΑ ΕΠΙΤΕΥΓΜΑΤΑ ΤΩΝ ΗΝΩΜΕΝΩΝ ΕΘΝΩΝ
Εἰς ἁρμοδίους κυβερνητικοὺς κύκλους τῆς Ἑνώσεως Κέντρου ἐτονίσθη ὅτι ὅλαι αἱ ἐπαγγελίαι τῆς Ἑνώσεως Κέντρου ἐντάσσονται ἐντὸς τῶν πλαισίων τῆς νομισματικῆς σταθερότητος καὶ θὰ πραγματοποιηθοῦν. Τὰ ληφθέντα μέτρα ὑπὲρ τῶν ἐργαζομένων προεκάλεσαν βαθυτάτην ἐντύπωσιν. Ματαίως τὰ στελέχη τῆς ΕΡΕ προσπαθοῦν νὰ ἀμφισβητήσουν τὴν ὀρθότητα τῶν κυβερνητικῶν ἀποφάσεων.
Εἰς ἁρμοδίους κυβερνητικοὺς κύκλους τῆς Ἑνώσεως Κέντρου ἐτονίσθη ὅτι ὅλαι αἱ ἐπαγγελίαι τῆς Ἑνώσεως Κέντρου ἐντάσσονται ἐντὸς τῶν πλαισίων τῆς νομισματικῆς σταθερότητος καὶ θὰ πραγματοποιηθοῦν. Τὰ ληφθέντα μέτρα ὑπὲρ τῶν ἐργαζομένων προεκάλεσαν βαθυτάτην ἐντύπωσιν. Ματαίως τὰ στελέχη τῆς ΕΡΕ προσπαθοῦν νὰ ἀμφισβητήσουν τὴν ὀρθότητα τῶν κυβερνητικῶν ἀποφάσεων.
ΥΠΟΓΡΑΦΕΤΑΙ ΕΙΣ ΤΟ ΠΕΚΙΝΟΝ Η ΣΥΝΘΗΚΗ ΠΕΡΙ ΤΩΝ ΟΡΙΩΝ ΑΦΓΑΝΙΣΤΑΝ ΚΑΙ ΚΙΝΑΣ
Εἰς ἁρμοδίους κυβερνητικοὺς κύκλους τῆς Ἑνώσεως Κέντρου ἐτονίσθη ὅτι ὅλαι αἱ ἐπαγγελίαι τῆς Ἑνώσεως Κέντρου ἐντάσσονται ἐντὸς τῶν πλαισίων τῆς νομισματικῆς σταθερότητος καὶ θὰ πραγματοποιηθοῦν. Τὰ ληφθέντα μέτρα ὑπὲρ τῶν ἐργαζομένων προεκάλεσαν βαθυτάτην ἐντύπωσιν. Ματαίως τὰ στελέχη τῆς ΕΡΕ προσπαθοῦν νὰ ἀμφισβητήσουν τὴν ὀρθότητα τῶν κυβερνητικῶν ἀποφάσεων.
ΑΝΤΑΜ ΚΕΛΛΕΤ ΛΟΝΓΚ
ΤΑ ΚΟΙΝΟΒΙΑ ΕΙΝΑΙ ΚΕΝΤΡΑ ΑΝΑΜΟΡΦΩΣΕΩΣ ΔΙΑ ΠΟΛΛΟΥΣ ΚΙΝΕΖΟΥΣ «ΤΕΝΤΥ-ΜΠΟΥΣ»
Εἰς ἁρμοδίους κυβερνητικοὺς κύκλους τῆς Ἑνώσεως Κέντρου ἐτονίσθη ὅτι ὅλαι αἱ ἐπαγγελίαι τῆς Ἑνώσεως Κέντρου ἐντάσσονται ἐντὸς τῶν πλαισίων τῆς νομισματικῆς σταθερότητος καὶ θὰ πραγματοποιηθοῦν. Τὰ ληφθέντα μέτρα ὑπὲρ τῶν ἐργαζομένων προεκάλεσαν βαθυτάτην ἐντύπωσιν. Ματαίως τὰ στελέχη τῆς ΕΡΕ προσπαθοῦν νὰ ἀμφισβητήσουν τὴν ὀρθότητα τῶν κυβερνητικῶν ἀποφάσεων.
Η ΕΥΡΩΠΑΪΚΗ ΒΟΥΛΗ ΘΑ ΕΝΗΜΕΡΩΘΗ ΔΙΑ ΤΗΝ ΣΥΝΔΕΣΙΝ ΤΟΥΡΚΙΑΣ ΚΑΙ Ε.Κ.Α.
Εἰς ἁρμοδίους κυβερνητικοὺς κύκλους τῆς Ἑνώσεως Κέντρου ἐτονίσθη ὅτι ὅλαι αἱ ἐπαγγελίαι τῆς Ἑνώσεως Κέντρου ἐντάσσονται ἐντὸς τῶν πλαισίων τῆς νομισματικῆς σταθερότητος καὶ θὰ πραγματοποιηθοῦν. Τὰ ληφθέντα μέτρα ὑπὲρ τῶν ἐργαζομένων προεκάλεσαν βαθυτάτην ἐντύπωσιν. Ματαίως τὰ στελέχη τῆς ΕΡΕ προσπαθοῦν νὰ ἀμφισβητήσουν τὴν ὀρθότητα τῶν κυβερνητικῶν ἀποφάσεων.
ΔΕΝ ΕΞΕΛΕΓΗ ΝΕΟΣ ΠΡΟΕΔΡΟΣ ΤΟΥ ΟΡΓΑΝΙΣΜΟΥ ΑΜΕΡΙΚΑΝΙΚΩΝ ΚΡΑΤΩΝ
Εἰς ἁρμοδίους κυβερνητικοὺς κύκλους τῆς Ἑνώσεως Κέντρου ἐτονίσθη ὅτι ὅλαι αἱ ἐπαγγελίαι τῆς Ἑνώσεως Κέντρου ἐντάσσονται ἐντὸς τῶν πλαισίων τῆς νομισματικῆς σταθερότητος καὶ θὰ πραγματοποιηθοῦν. Τὰ ληφθέντα μέτρα ὑπὲρ τῶν ἐργαζομένων προεκάλεσαν βαθυτάτην ἐντύπωσιν. Ματαίως τὰ στελέχη τῆς ΕΡΕ προσπαθοῦν νὰ ἀμφισβητήσουν τὴν ὀρθότητα τῶν κυβερνητικῶν ἀποφάσεων.
ΔΕΥΤΕΡΟΝ ΠΥΡΗΝΙΚΟΝ ΥΠΟΒΡΥΧΙΟΝ ΚΑΘΕΛΚΥΕΤΑΙ ΕΙΣ ΜΕΓ. ΒΡΕΤΑΝΝΙΑΝ
Εἰς ἁρμοδίους κυβερνητικοὺς κύκλους τῆς Ἑνώσεως Κέντρου ἐτονίσθη ὅτι ὅλαι αἱ ἐπαγγελίαι τῆς Ἑνώσεως Κέντρου ἐντάσσονται ἐντὸς τῶν πλαισίων τῆς νομισματικῆς σταθερότητος καὶ θὰ πραγματοποιηθοῦν. Τὰ ληφθέντα μέτρα ὑπὲρ τῶν ἐργαζομένων προεκάλεσαν βαθυτάτην ἐντύπωσιν. Ματαίως τὰ στελέχη τῆς ΕΡΕ προσπαθοῦν νὰ ἀμφισβητήσουν τὴν ὀρθότητα τῶν κυβερνητικῶν ἀποφάσεων.
ΝΟΤΙΟΑΦΡΙΚΑΝΟΙ ΔΕΝ ΗΔΥΝΗΘΗ ΝΑ ΟΜΙΛΗΣΗ ΕΙΣ ΣΥΣΚΕΨΙΝ ΤΟΥ ΦΑΟ
Εἰς ἁρμοδίους κυβερνητικοὺς κύκλους τῆς Ἑνώσεως Κέντρου ἐτονίσθη ὅτι ὅλαι αἱ ἐπαγγελίαι τῆς Ἑνώσεως Κέντρου ἐντάσσονται ἐντὸς τῶν πλαισίων τῆς νομισματικῆς σταθερότητος καὶ θὰ πραγματοποιηθοῦν. Τὰ ληφθέντα μέτρα ὑπὲρ τῶν ἐργαζομένων προεκάλεσαν βαθυτάτην ἐντύπωσιν. Ματαίως τὰ στελέχη τῆς ΕΡΕ προσπαθοῦν νὰ ἀμφισβητήσουν τὴν ὀρθότητα τῶν κυβερνητικῶν ἀποφάσεων.
ΣΤΡΑΤΙΩΤΙΚΑ ΓΥΜΝΑΣΙΑ ΕΙΣ ΜΑΛΑΙΣΙΑΝ
Εἰς ἁρμοδίους κυβερνητικοὺς κύκλους τῆς Ἑνώσεως Κέντρου ἐτονίσθη ὅτι ὅλαι αἱ ἐπαγγελίαι τῆς Ἑνώσεως Κέντρου ἐντάσσονται ἐντὸς τῶν πλαισίων τῆς νομισματικῆς σταθερότητος καὶ θὰ πραγματοποιηθοῦν. Τὰ ληφθέντα μέτρα ὑπὲρ τῶν ἐργαζομένων προεκάλεσαν βαθυτάτην ἐντύπωσιν. Ματαίως τὰ στελέχη τῆς ΕΡΕ προσπαθοῦν νὰ ἀμφισβητήσουν τὴν ὀρθότητα τῶν κυβερνητικῶν ἀποφάσεων.
ΤΟ ΑΝΩΤΑΤΟΝ ΣΤΡΑΤΙΩΤΙΚΟΝ ΣΥΜΒΟΥΛΙΟΝ
Εἰς ἁρμοδίους κυβερνητικοὺς κύκλους τῆς Ἑνώσεως Κέντρου ἐτονίσθη ὅτι ὅλαι αἱ ἐπαγγελίαι τῆς Ἑνώσεως Κέντρου ἐντάσσονται ἐντὸς τῶν πλαισίων τῆς νομισματικῆς σταθερότητος καὶ θὰ πραγματοποιηθοῦν. Τὰ ληφθέντα μέτρα ὑπὲρ τῶν ἐργαζομένων προεκάλεσαν βαθυτάτην ἐντύπωσιν. Ματαίως τὰ στελέχη τῆς ΕΡΕ προσπαθοῦν νὰ ἀμφισβητήσουν τὴν ὀρθότητα τῶν κυβερνητικῶν ἀποφάσεων.
ΤΑ ΑΙΤΗΜΑΤΑ ΤΩΝ ΟΔΗΓΩΝ ΑΥΤΟΚΙΝΗΤΩΝ ΤΑΞΙ
Εἰς ἁρμοδίους κυβερνητικοὺς κύκλους τῆς Ἑνώσεως Κέντρου ἐτονίσθη ὅτι ὅλαι αἱ ἐπαγγελίαι τῆς Ἑνώσεως Κέντρου ἐντάσσονται ἐντὸς τῶν πλαισίων τῆς νομισματικῆς σταθερότητος καὶ θὰ πραγματοποιηθοῦν. Τὰ ληφθέντα μέτρα ὑπὲρ τῶν ἐργαζομένων προεκάλεσαν βαθυτάτην ἐντύπωσιν. Ματαίως τὰ στελέχη τῆς ΕΡΕ προσπαθοῦν νὰ ἀμφισβητήσουν τὴν ὀρθότητα τῶν κυβερνητικῶν ἀποφάσεων.
ΚΟΜΜΟΥΝΙΣΤΑΙ ΗΓΕΤΑΙ ΤΗΣ ΕΥΡΩΠΗΣ ΠΙΕΖΟΥΝ ΤΗΝ ΡΩΣΙΑΝ ΚΑΙ ΤΗΝ ΚΙΝΑΝ ΝΑ ΑΡΟΥΝ ΤΗΝ ΙΔΕΟΛΟΓΙΚΗΝ ΔΙΑΦΟΡΑΝ
ΑΝΗΣΥΧΟΥΝ ΔΙΑ ΤΑΣ ΣΥΝΕΠΕΙΑΣ ΤΗΣ ΕΙΣ ΤΗΝ ΕΝΟΤΗΤΑ ΤΩΝ ΑΝΑΤΟΛΙΚΩΝ ΚΑΙ ΖΗΤΟΥΝ ΝΕΑΣ ΔΙΑΠΡΑΓΜΑΤΕΥΣΕΙΣ
ΜΟΣΧΑ, 20. (Ἀσσ. Πρές).—
Τὸ Κ.Κ. Βουλγαρίας καὶ ἄλλα κομμουνιστικὰ κόμματα τῆς Ἀνατολικῆς Εὐρώπης, ἀνησυχοῦν ἐκ τῆς ἐντάσεως τῆς ἰδεολογικῆς διαφορᾶς μεταξὺ Μόσχας καὶ Πεκίνου. Εἰς ἐπιστολὴν πρὸς τὴν σοβιετικὴν καὶ τὴν κινεζικὴν ἡγεσίαν, ζητοῦν νέας διαπραγματεύσεις καὶ ἄρσιν τῆς διαφορᾶς, διὰ τὴν διατήρησιν τῆς ἑνότητος.
Τὸ Κ.Κ. Βουλγαρίας καὶ ἄλλα κομμουνιστικὰ κόμματα τῆς Ἀνατολικῆς Εὐρώπης, ἀνησυχοῦν ἐκ τῆς ἐντάσεως τῆς ἰδεολογικῆς διαφορᾶς μεταξὺ Μόσχας καὶ Πεκίνου. Εἰς ἐπιστολὴν πρὸς τὴν σοβιετικὴν καὶ τὴν κινεζικὴν ἡγεσίαν, ζητοῦν νέας διαπραγματεύσεις καὶ ἄρσιν τῆς διαφορᾶς, διὰ τὴν διατήρησιν τῆς ἑνότητος.
Τὸ Κ.Κ. Βουλγαρίας καὶ ἄλλα κομμουνιστικὰ κόμματα τῆς Ἀνατολικῆς Εὐρώπης, ἀνησυχοῦν ἐκ τῆς ἐντάσεως τῆς ἰδεολογικῆς διαφορᾶς μεταξὺ Μόσχας καὶ Πεκίνου. Εἰς ἐπιστολὴν πρὸς τὴν σοβιετικὴν καὶ τὴν κινεζικὴν ἡγεσίαν, ζητοῦν νέας διαπραγματεύσεις καὶ ἄρσιν τῆς διαφορᾶς, διὰ τὴν διατήρησιν τῆς ἑνότητος.
ΤΟ ΚΥΒΕΡΝΗΤΙΚΟΝ ΠΡΟΓΡΑΜΜΑ ΤΗΣ ΛΑΪΚΗΣ ΣΤΕΓΗΣ ΘΑ ΚΑΛΥΨΗ ΟΧΙ ΜΟΝΟΝ ΤΑΣ ΕΙΔΙΚΑΣ ΚΑΤΗΓΟΡΙΑΣ ΑΛΛΑ ΚΑΙ ΟΛΑΣ ΤΑΣ ΑΠΟΡΟΥΣ ΑΣΤΕΓΟΥΣ ΟΙΚΟΓΕΝΕΙΑΣ
Τὸ Κ.Κ. Βουλγαρίας καὶ ἄλλα κομμουνιστικὰ κόμματα τῆς Ἀνατολικῆς Εὐρώπης, ἀνησυχοῦν ἐκ τῆς ἐντάσεως τῆς ἰδεολογικῆς διαφορᾶς μεταξὺ Μόσχας καὶ Πεκίνου. Εἰς ἐπιστολὴν πρὸς τὴν σοβιετικὴν καὶ τὴν κινεζικὴν ἡγεσίαν, ζητοῦν νέας διαπραγματεύσεις καὶ ἄρσιν τῆς διαφορᾶς, διὰ τὴν διατήρησιν τῆς ἑνότητος.
ΑΠΟΖΗΜΙΩΣΙΣ 36.250 ΔΟΛΛΑΡΙΩΝ ΕΙΣ ΓΕΡΟΥΣΙΑΣΤΗΝ ΔΙΟΤΙ ΠΡΟΠΛΗΡΩΘΕΙΣΑΙ ΘΕΣΕΙΣ ΑΕΡΟΠΛΑΝΟΥ ΔΙΕΤΕΘΗΣΑΝ ΣΥΓΧΡΟΝΩΣ ΚΑΙ ΕΙΣ ΑΛΛΟΥΣ ΕΠΙΒΑΤΑΣ
Τὸ Κ.Κ. Βουλγαρίας καὶ ἄλλα κομμουνιστικὰ κόμματα τῆς Ἀνατολικῆς Εὐρώπης, ἀνησυχοῦν ἐκ τῆς ἐντάσεως τῆς ἰδεολογικῆς διαφορᾶς μεταξὺ Μόσχας καὶ Πεκίνου. Εἰς ἐπιστολὴν πρὸς τὴν σοβιετικὴν καὶ τὴν κινεζικὴν ἡγεσίαν, ζητοῦν νέας διαπραγματεύσεις καὶ ἄρσιν τῆς διαφορᾶς, διὰ τὴν διατήρησιν τῆς ἑνότητος.
ΟΙ ΕΛΛΗΝΕΣ ΝΟΜΙΚΟΙ ΚΥΠΡΟΥ ΕΤΑΧΘΗΣΑΝ ΥΠΕΡ ΤΗΣ ΕΝΟΠΟΙΗΣΕΩΣ ΤΗΣ ΔΙΚΑΙΟΣΥΝΗΣ ΕΝΩ ΟΙ ΤΟΥΡΚΟΙ ΑΝΤΙΤΑΣΣΟΝΤΑΙ ΕΙΣ ΑΥΤΗΝ
Τὸ Κ.Κ. Βουλγαρίας καὶ ἄλλα κομμουνιστικὰ κόμματα τῆς Ἀνατολικῆς Εὐρώπης, ἀνησυχοῦν ἐκ τῆς ἐντάσεως τῆς ἰδεολογικῆς διαφορᾶς μεταξὺ Μόσχας καὶ Πεκίνου. Εἰς ἐπιστολὴν πρὸς τὴν σοβιετικὴν καὶ τὴν κινεζικὴν ἡγεσίαν, ζητοῦν νέας διαπραγματεύσεις καὶ ἄρσιν τῆς διαφορᾶς, διὰ τὴν διατήρησιν τῆς ἑνότητος.
Τὸ Κ.Κ. Βουλγαρίας καὶ ἄλλα κομμουνιστικὰ κόμματα τῆς Ἀνατολικῆς Εὐρώπης, ἀνησυχοῦν ἐκ τῆς ἐντάσεως τῆς ἰδεολογικῆς διαφορᾶς μεταξὺ Μόσχας καὶ Πεκίνου. Εἰς ἐπιστολὴν πρὸς τὴν σοβιετικὴν καὶ τὴν κινεζικὴν ἡγεσίαν, ζητοῦν νέας διαπραγματεύσεις καὶ ἄρσιν τῆς διαφορᾶς, διὰ τὴν διατήρησιν τῆς ἑνότητος.
Ο κ. ΦΩΡ ΕΠΙΣΤΡΕΨΑΣ ΕΚ ΤΗΣ ΑΠΩ ΑΝΑΤΟΛΗΣ ΘΑ ΕΝΗΜΕΡΩΣΗ ΤΟΝ κ. ΝΤΕ ΓΚΩΛ ΕΠΙ ΤΩΝ ΑΠΟΤΕΛΕΣΜΑΤΩΝ ΤΟΥ ΤΑΞΙΔΙΟΥ ΤΟΥ
Τὸ Κ.Κ. Βουλγαρίας καὶ ἄλλα κομμουνιστικὰ κόμματα τῆς Ἀνατολικῆς Εὐρώπης, ἀνησυχοῦν ἐκ τῆς ἐντάσεως τῆς ἰδεολογικῆς διαφορᾶς μεταξὺ Μόσχας καὶ Πεκίνου. Εἰς ἐπιστολὴν πρὸς τὴν σοβιετικὴν καὶ τὴν κινεζικὴν ἡγεσίαν, ζητοῦν νέας διαπραγματεύσεις καὶ ἄρσιν τῆς διαφορᾶς, διὰ τὴν διατήρησιν τῆς ἑνότητος.
Τὸ Κ.Κ. Βουλγαρίας καὶ ἄλλα κομμουνιστικὰ κόμματα τῆς Ἀνατολικῆς Εὐρώπης, ἀνησυχοῦν ἐκ τῆς ἐντάσεως τῆς ἰδεολογικῆς διαφορᾶς μεταξὺ Μόσχας καὶ Πεκίνου. Εἰς ἐπιστολὴν πρὸς τὴν σοβιετικὴν καὶ τὴν κινεζικὴν ἡγεσίαν, ζητοῦν νέας διαπραγματεύσεις καὶ ἄρσιν τῆς διαφορᾶς, διὰ τὴν διατήρησιν τῆς ἑνότητος.
ΤΡΙΑΚΟΣΙΟΙ ΙΡΑΚΙΝΟΙ ΦΟΙΤΗΤΑΙ ΕΙΣ ΛΟΝΔΙΝΟΝ ΠΙΣΤΟΙ ΟΠΑΔΟΙ ΤΟΥ ΚΟΜΜΑΤΟΣ ΜΠΑΑΘ ΕΙΣΩΡΜΗΣΑΝ ΚΑΙ ΚΑΤΕΛΑΒΟΝ ΤΗΝ ΠΡΕΣΒΕΙΑΝ
Τὸ Κ.Κ. Βουλγαρίας καὶ ἄλλα κομμουνιστικὰ κόμματα τῆς Ἀνατολικῆς Εὐρώπης, ἀνησυχοῦν ἐκ τῆς ἐντάσεως τῆς ἰδεολογικῆς διαφορᾶς μεταξὺ Μόσχας καὶ Πεκίνου. Εἰς ἐπιστολὴν πρὸς τὴν σοβιετικὴν καὶ τὴν κινεζικὴν ἡγεσίαν, ζητοῦν νέας διαπραγματεύσεις καὶ ἄρσιν τῆς διαφορᾶς, διὰ τὴν διατήρησιν τῆς ἑνότητος.
ΚΑΤΕΛΑΒΟΝ ΠΡΕΣΒΕΙΑΝ
Τὸ Κ.Κ. Βουλγαρίας καὶ ἄλλα κομμουνιστικὰ κόμματα τῆς Ἀνατολικῆς Εὐρώπης, ἀνησυχοῦν ἐκ τῆς ἐντάσεως τῆς ἰδεολογικῆς διαφορᾶς μεταξὺ Μόσχας καὶ Πεκίνου. Εἰς ἐπιστολὴν πρὸς τὴν σοβιετικὴν καὶ τὴν κινεζικὴν ἡγεσίαν, ζητοῦν νέας διαπραγματεύσεις καὶ ἄρσιν τῆς διαφορᾶς, διὰ τὴν διατήρησιν τῆς ἑνότητος.
ΑΝΕΥ ΕΦΗΜΕΡΙΔΩΝ
Τὸ Κ.Κ. Βουλγαρίας καὶ ἄλλα κομμουνιστικὰ κόμματα τῆς Ἀνατολικῆς Εὐρώπης, ἀνησυχοῦν ἐκ τῆς ἐντάσεως τῆς ἰδεολογικῆς διαφορᾶς μεταξὺ Μόσχας καὶ Πεκίνου. Εἰς ἐπιστολὴν πρὸς τὴν σοβιετικὴν καὶ τὴν κινεζικὴν ἡγεσίαν, ζητοῦν νέας διαπραγματεύσεις καὶ ἄρσιν τῆς διαφορᾶς, διὰ τὴν διατήρησιν τῆς ἑνότητος.
ΥΠΟΓΡΑΦΗ ΣΥΜΒΑΣΕΩΣ ΕΛΛΑΔΟΣ ΚΑΙ ΚΑΤΩ ΧΩΡΩΝ ΠΕΡΙ ΑΣΦΑΛΙΣΕΩΣ ΕΝ ΟΛΛΑΝΔΙΑ ΕΛΛΗΝΩΝ ΕΡΓΑΤΩΝ
Τὸ Κ.Κ. Βουλγαρίας καὶ ἄλλα κομμουνιστικὰ κόμματα τῆς Ἀνατολικῆς Εὐρώπης, ἀνησυχοῦν ἐκ τῆς ἐντάσεως τῆς ἰδεολογικῆς διαφορᾶς μεταξὺ Μόσχας καὶ Πεκίνου. Εἰς ἐπιστολὴν πρὸς τὴν σοβιετικὴν καὶ τὴν κινεζικὴν ἡγεσίαν, ζητοῦν νέας διαπραγματεύσεις καὶ ἄρσιν τῆς διαφορᾶς, διὰ τὴν διατήρησιν τῆς ἑνότητος.
ΑΙ ΠΙΣΤΩΣΕΙΣ ΠΡΟΣ ΤΗΝ ΡΩΣΙΑΝ ΔΙ' ΑΓΟΡΑΝ ΣΙΤΟΥ ΘΕΜΑ ΟΞΥΤΑΤΗΣ ΣΥΖΗΤΗΣΕΩΣ ΕΙΣ ΤΟ ΚΟΓΚΡΕΣΟΝ
Τὸ Κ.Κ. Βουλγαρίας καὶ ἄλλα κομμουνιστικὰ κόμματα τῆς Ἀνατολικῆς Εὐρώπης, ἀνησυχοῦν ἐκ τῆς ἐντάσεως τῆς ἰδεολογικῆς διαφορᾶς μεταξὺ Μόσχας καὶ Πεκίνου. Εἰς ἐπιστολὴν πρὸς τὴν σοβιετικὴν καὶ τὴν κινεζικὴν ἡγεσίαν, ζητοῦν νέας διαπραγματεύσεις καὶ ἄρσιν τῆς διαφορᾶς, διὰ τὴν διατήρησιν τῆς ἑνότητος.
Ο ΚΑΝΑΔΙΚΟΣ ΣΙΤΟΣ
Τὸ Κ.Κ. Βουλγαρίας καὶ ἄλλα κομμουνιστικὰ κόμματα τῆς Ἀνατολικῆς Εὐρώπης, ἀνησυχοῦν ἐκ τῆς ἐντάσεως τῆς ἰδεολογικῆς διαφορᾶς μεταξὺ Μόσχας καὶ Πεκίνου. Εἰς ἐπιστολὴν πρὸς τὴν σοβιετικὴν καὶ τὴν κινεζικὴν ἡγεσίαν, ζητοῦν νέας διαπραγματεύσεις καὶ ἄρσιν τῆς διαφορᾶς, διὰ τὴν διατήρησιν τῆς ἑνότητος.
ΕΠΑΝΕΚΛΗΦΘΗΣΑΝ ΑΙ ΣΥΝΟΜΙΛΙΑΙ
Τὸ Κ.Κ. Βουλγαρίας καὶ ἄλλα κομμουνιστικὰ κόμματα τῆς Ἀνατολικῆς Εὐρώπης, ἀνησυχοῦν ἐκ τῆς ἐντάσεως τῆς ἰδεολογικῆς διαφορᾶς μεταξὺ Μόσχας καὶ Πεκίνου. Εἰς ἐπιστολὴν πρὸς τὴν σοβιετικὴν καὶ τὴν κινεζικὴν ἡγεσίαν, ζητοῦν νέας διαπραγματεύσεις καὶ ἄρσιν τῆς διαφορᾶς, διὰ τὴν διατήρησιν τῆς ἑνότητος.
